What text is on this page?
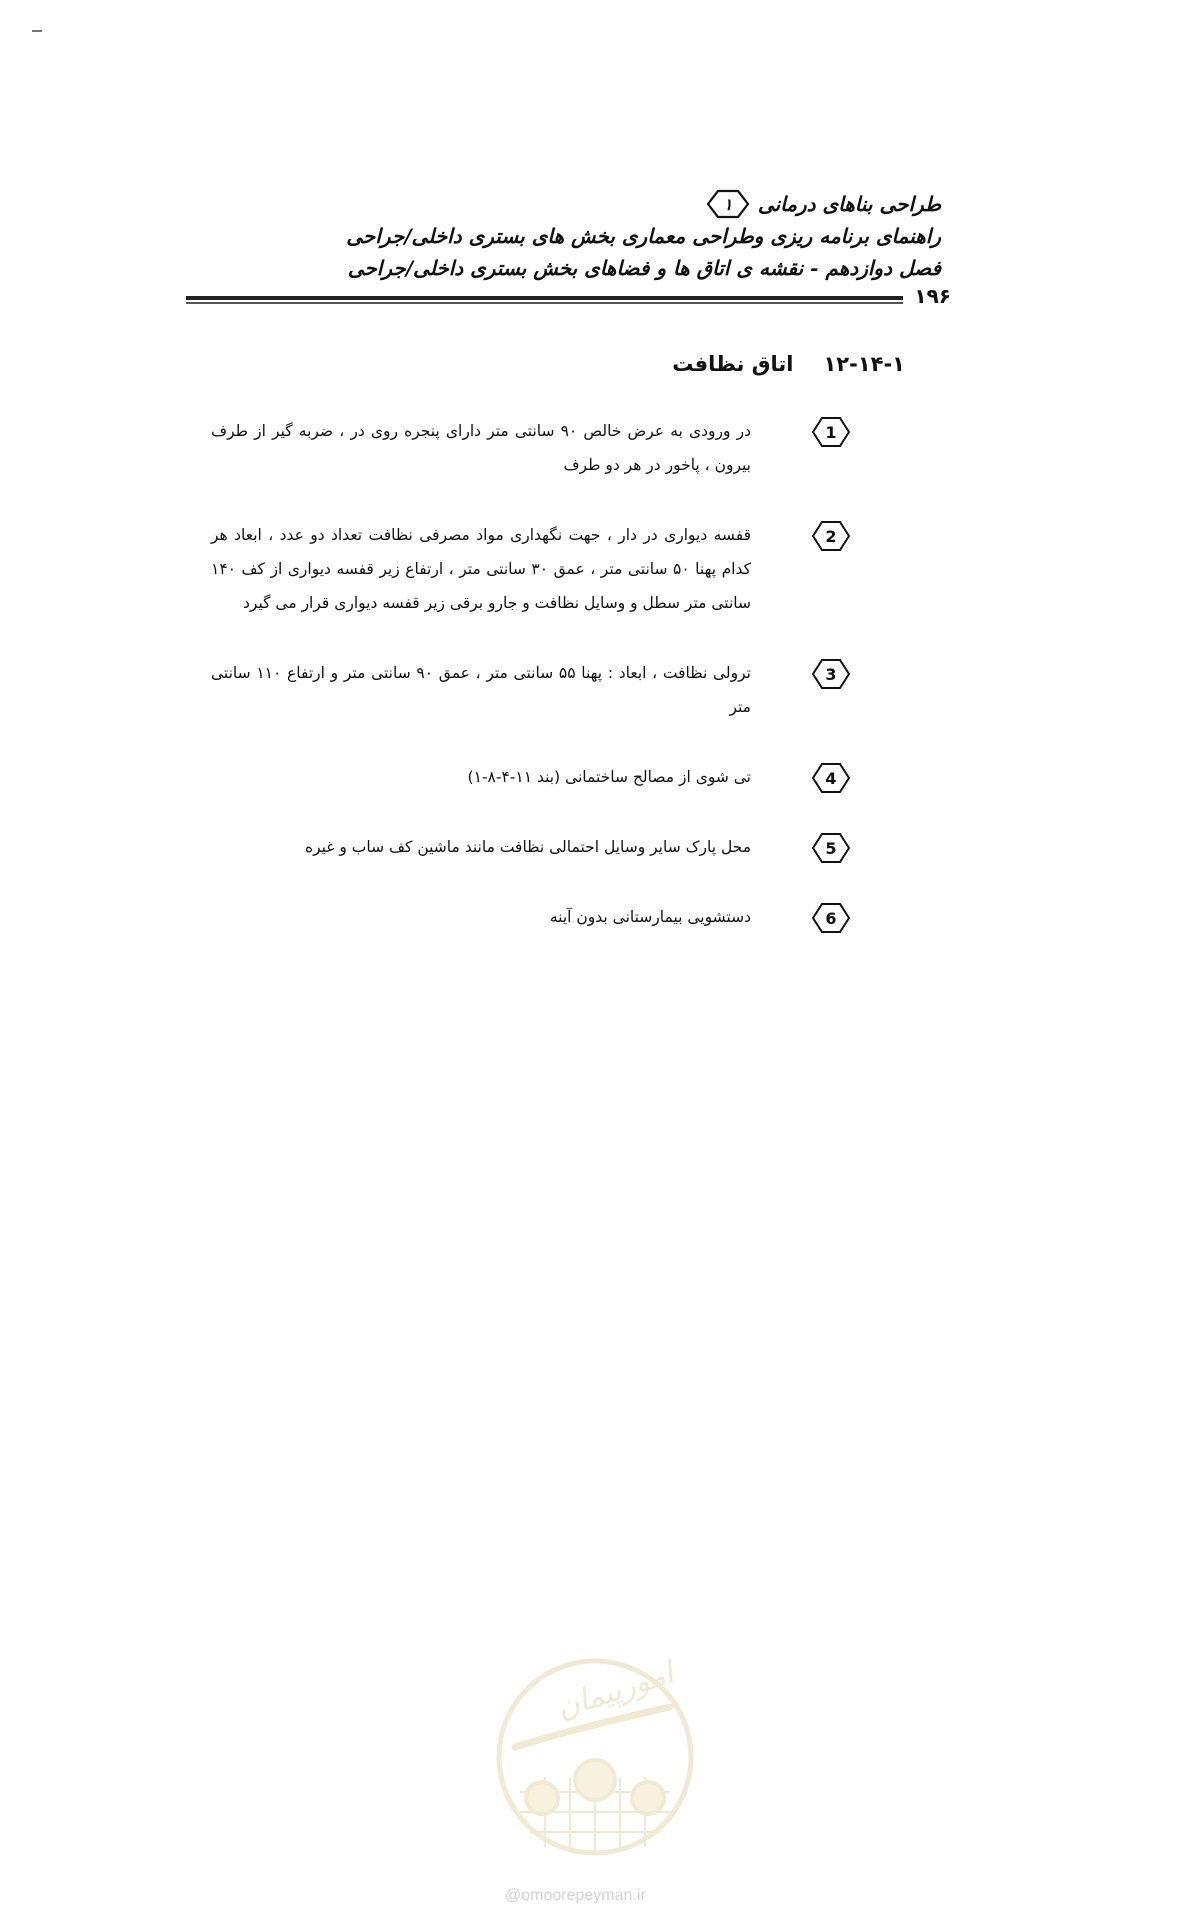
طراحی بناهای درمانی
۱
راهنمای برنامه ریزی وطراحی معماری بخش های بستری داخلی/جراحی
فصل دوازدهم - نقشه ی اتاق ها و فضاهای بخش بستری داخلی/جراحی
۱۹۶
۱۲-۱۴-۱
اتاق نظافت
1
در ورودی به عرض خالص ۹۰ سانتی متر دارای پنجره روی در ، ضربه گیر از طرف بیرون ، پاخور در هر دو طرف
2
قفسه دیواری در دار ، جهت نگهداری مواد مصرفی نظافت تعداد دو عدد ، ابعاد هر کدام پهنا ۵۰ سانتی متر ، عمق ۳۰ سانتی متر ، ارتفاع زیر قفسه دیواری از کف ۱۴۰ سانتی متر سطل و وسایل نظافت و جارو برقی زیر قفسه دیواری قرار می گیرد
3
ترولی نظافت ، ابعاد : پهنا ۵۵ سانتی متر ، عمق ۹۰ سانتی متر و ارتفاع ۱۱۰ سانتی متر
4
تی شوی از مصالح ساختمانی (بند ۱۱-۴-۸-۱)
5
محل پارک سایر وسایل احتمالی نظافت مانند ماشین کف ساب و غیره
6
دستشویی بیمارستانی بدون آینه
امورپیمان
@omoorepeyman.ir
